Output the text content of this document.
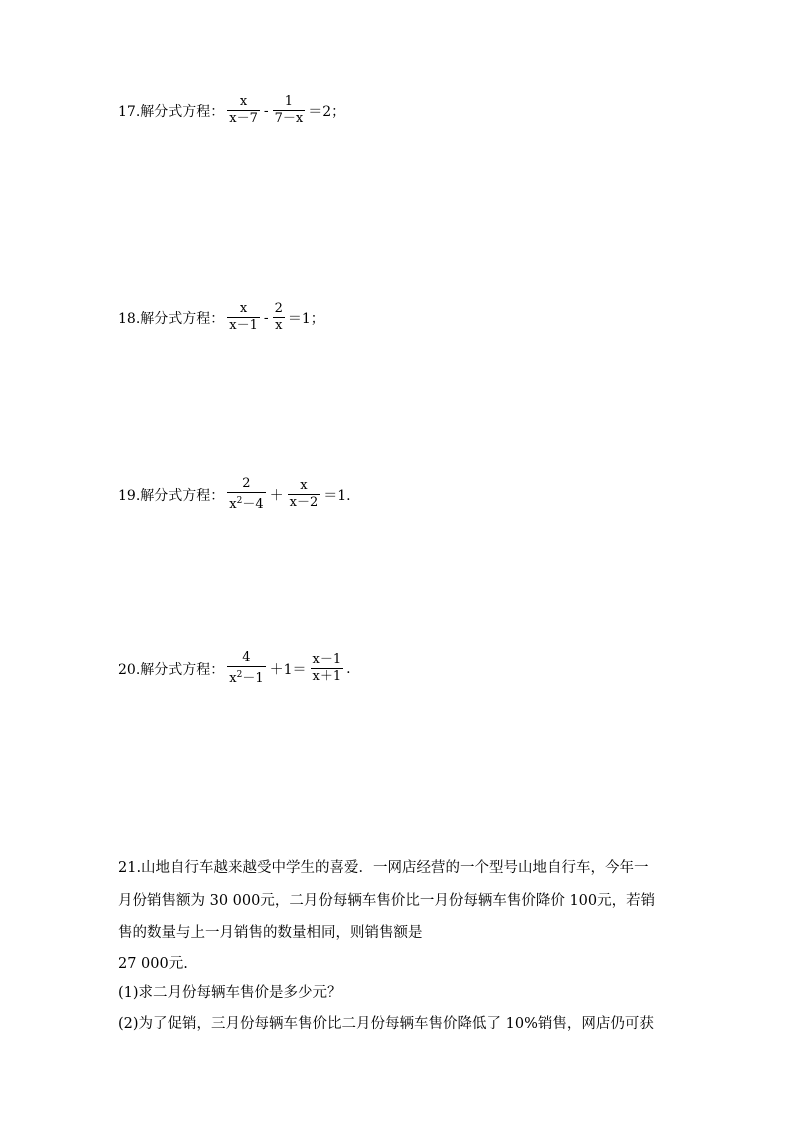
17.解分式方程： $\frac{x}{x-7} - \frac{1}{7-x} =2$；
18.解分式方程： $\frac{x}{x-1} - \frac{2}{x} =1$；
19.解分式方程： $\frac{2}{x^2-4} + \frac{x}{x-2} =1$.
20.解分式方程： $\frac{4}{x^2-1} +1= \frac{x-1}{x+1}$ .
21.山地自行车越来越受中学生的喜爱．一网店经营的一个型号山地自行车，今年一
月份销售额为 30 000元，二月份每辆车售价比一月份每辆车售价降价 100元，若销
售的数量与上一月销售的数量相同，则销售额是
27 000元.
(1)求二月份每辆车售价是多少元？
(2)为了促销，三月份每辆车售价比二月份每辆车售价降低了 10%销售，网店仍可获
